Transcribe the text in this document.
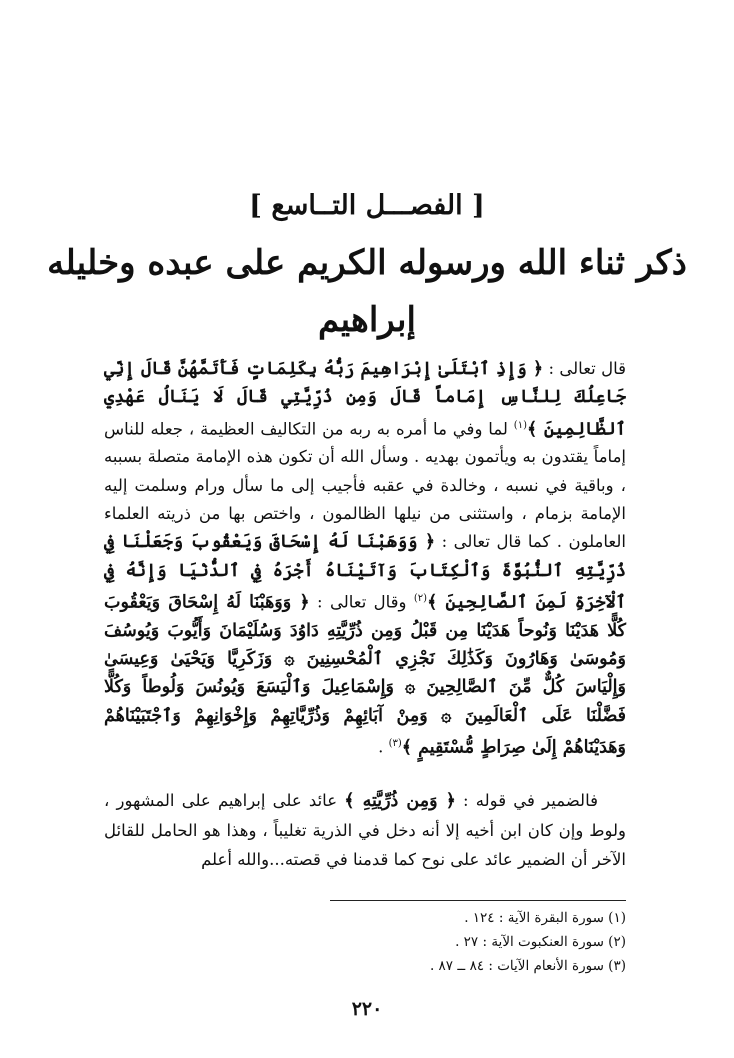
[ الفصـــل التــاسع ]
ذكر ثناء الله ورسوله الكريم على عبده وخليله
إبراهيم

قال تعالى : ﴿ وَإِذِ ٱبْتَلَىٰ إِبْرَاهِيمَ رَبُّهُ بِكَلِمَاتٍ فَأَتَمَّهُنَّ قَالَ إِنِّي جَاعِلُكَ لِلنَّاسِ إِمَاماً قَالَ وَمِن ذُرِّيَّتِي قَالَ لَا يَنَالُ عَهْدِي ٱلظَّالِمِينَ ﴾$^{(١)}$ لما وفي ما أمره به ربه من التكاليف العظيمة ، جعله للناس إماماً يقتدون به ويأتمون بهديه . وسأل الله أن تكون هذه الإمامة متصلة بسببه ، وباقية في نسبه ، وخالدة في عقبه فأجيب إلى ما سأل ورام وسلمت إليه الإمامة بزمام ، واستثنى من نيلها الظالمون ، واختص بها من ذريته العلماء العاملون . كما قال تعالى : ﴿ وَوَهَبْنَا لَهُ إِسْحَاقَ وَيَعْقُوبَ وَجَعَلْنَا فِي ذُرِّيَّتِهِ ٱلنُّبُوَّةَ وَٱلْكِتَابَ وَآتَيْنَاهُ أَجْرَهُ فِي ٱلدُّنْيَا وَإِنَّهُ فِي ٱلْآخِرَةِ لَمِنَ ٱلصَّالِحِينَ ﴾$^{(٢)}$ وقال تعالى : ﴿ وَوَهَبْنَا لَهُ إِسْحَاقَ وَيَعْقُوبَ كُلًّا هَدَيْنَا وَنُوحاً هَدَيْنَا مِن قَبْلُ وَمِن ذُرِّيَّتِهِ دَاوُدَ وَسُلَيْمَانَ وَأَيُّوبَ وَيُوسُفَ وَمُوسَىٰ وَهَارُونَ وَكَذَٰلِكَ نَجْزِي ٱلْمُحْسِنِينَ ۞ وَزَكَرِيَّا وَيَحْيَىٰ وَعِيسَىٰ وَإِلْيَاسَ كُلٌّ مِّنَ ٱلصَّالِحِينَ ۞ وَإِسْمَاعِيلَ وَٱلْيَسَعَ وَيُونُسَ وَلُوطاً وَكُلًّا فَضَّلْنَا عَلَى ٱلْعَالَمِينَ ۞ وَمِنْ آبَائِهِمْ وَذُرِّيَّاتِهِمْ وَإِخْوَانِهِمْ وَٱجْتَبَيْنَاهُمْ وَهَدَيْنَاهُمْ إِلَىٰ صِرَاطٍ مُّسْتَقِيمٍ ﴾$^{(٣)}$ .

فالضمير في قوله : ﴿ وَمِن ذُرِّيَّتِهِ ﴾ عائد على إبراهيم على المشهور ، ولوط وإن كان ابن أخيه إلا أنه دخل في الذرية تغليباً ، وهذا هو الحامل للقائل الآخر أن الضمير عائد على نوح كما قدمنا في قصته...والله أعلم

(١) سورة البقرة الآية : ١٢٤ .
(٢) سورة العنكبوت الآية : ٢٧ .
(٣) سورة الأنعام الآيات : ٨٤ ــ ٨٧ .
٢٢٠
